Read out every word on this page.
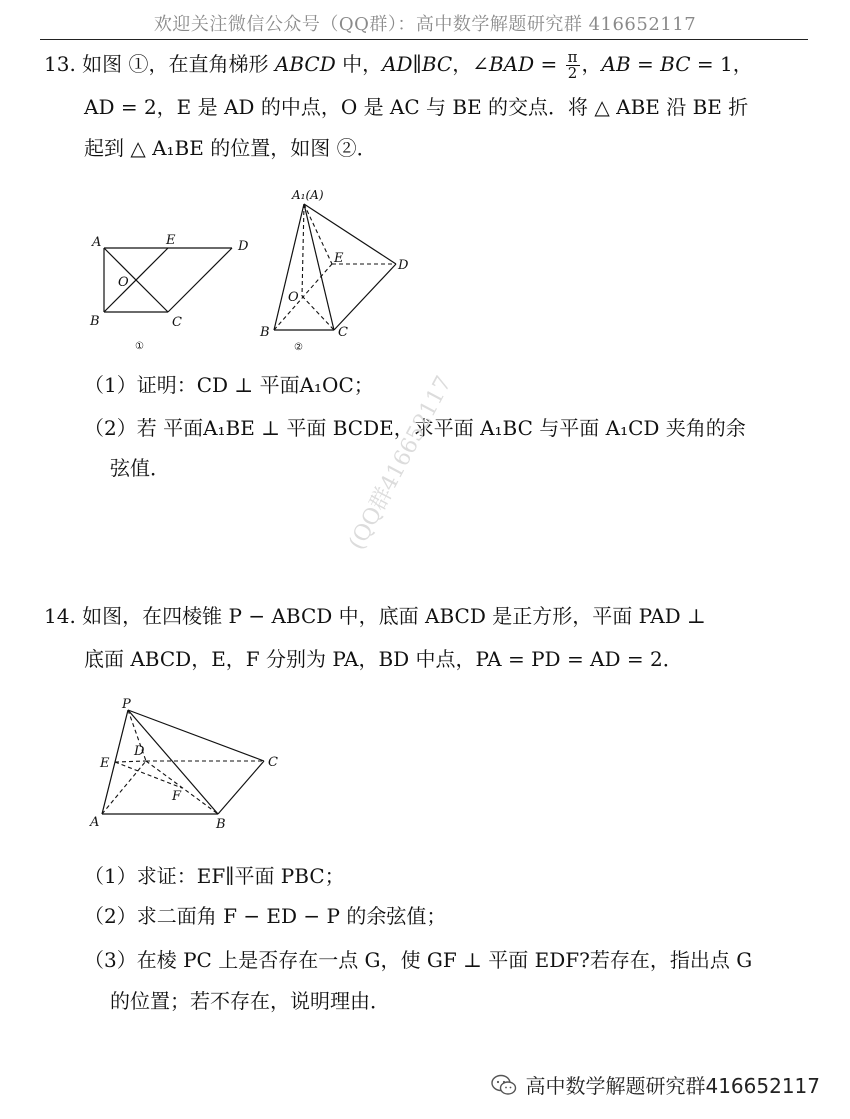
欢迎关注微信公众号（QQ群）：高中数学解题研究群 416652117
13. 如图 ①，在直角梯形 ABCD 中，AD∥BC，∠BAD = $\frac{\pi}{2}$ ，AB = BC = 1，
AD = 2，E 是 AD 的中点，O 是 AC 与 BE 的交点．将 △ ABE 沿 BE 折
起到 △ A₁BE 的位置，如图 ②．
A	E	D
O
B	C
①
A₁(A)
E	D
O
B	C
②
（1）证明：CD ⊥ 平面A₁OC；
（2）若 平面A₁BE ⊥ 平面 BCDE，求平面 A₁BC 与平面 A₁CD 夹角的余
弦值．	(QQ群416652117
14. 如图，在四棱锥 P − ABCD 中，底面 ABCD 是正方形，平面 PAD ⊥
底面 ABCD，E，F 分别为 PA，BD 中点，PA = PD = AD = 2．
P
D
E	C
F
A	B
（1）求证：EF∥平面 PBC；
（2）求二面角 F − ED − P 的余弦值；
（3）在棱 PC 上是否存在一点 G，使 GF ⊥ 平面 EDF?若存在，指出点 G
的位置；若不存在，说明理由．
高中数学解题研究群416652117
